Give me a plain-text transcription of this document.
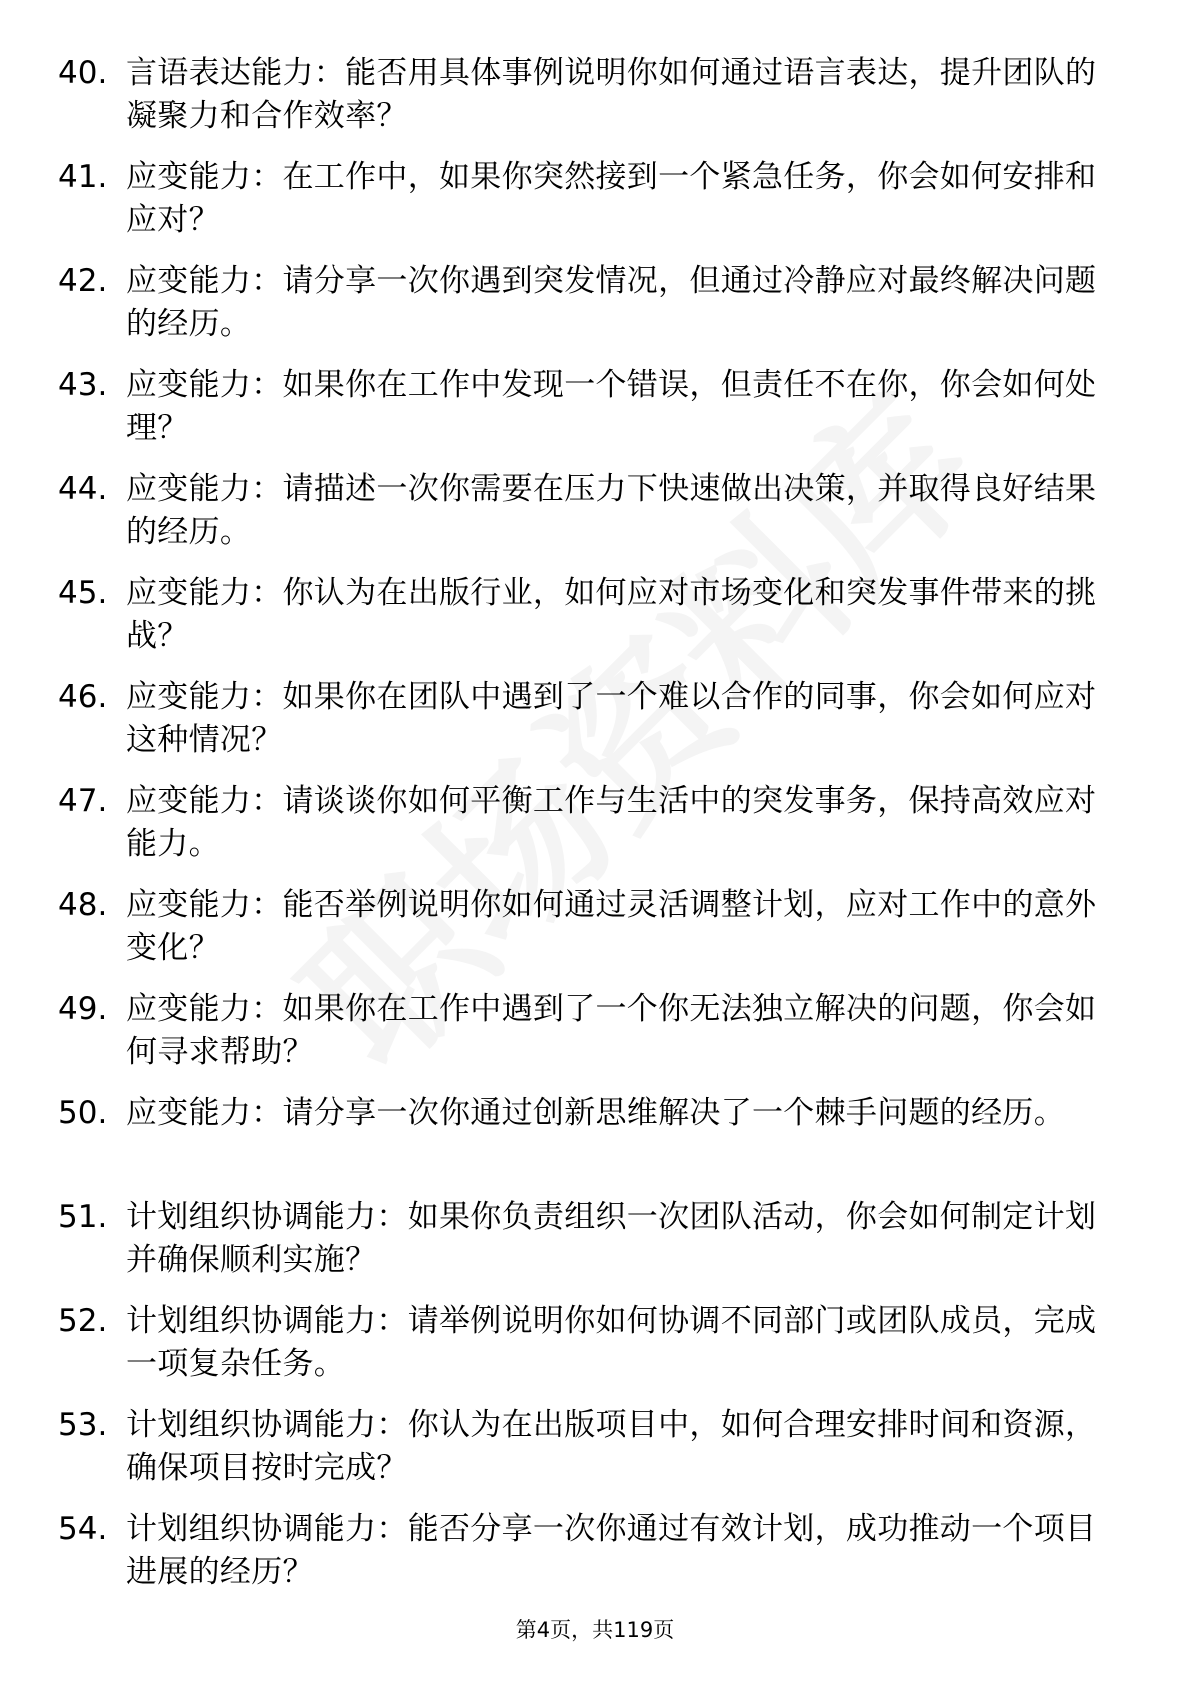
40. 言语表达能力：能否用具体事例说明你如何通过语言表达，提升团队的凝聚力和合作效率？
41. 应变能力：在工作中，如果你突然接到一个紧急任务，你会如何安排和应对？
42. 应变能力：请分享一次你遇到突发情况，但通过冷静应对最终解决问题的经历。
43. 应变能力：如果你在工作中发现一个错误，但责任不在你，你会如何处理？
44. 应变能力：请描述一次你需要在压力下快速做出决策，并取得良好结果的经历。
45. 应变能力：你认为在出版行业，如何应对市场变化和突发事件带来的挑战？
46. 应变能力：如果你在团队中遇到了一个难以合作的同事，你会如何应对这种情况？
47. 应变能力：请谈谈你如何平衡工作与生活中的突发事务，保持高效应对能力。
48. 应变能力：能否举例说明你如何通过灵活调整计划，应对工作中的意外变化？
49. 应变能力：如果你在工作中遇到了一个你无法独立解决的问题，你会如何寻求帮助？
50. 应变能力：请分享一次你通过创新思维解决了一个棘手问题的经历。
51. 计划组织协调能力：如果你负责组织一次团队活动，你会如何制定计划并确保顺利实施？
52. 计划组织协调能力：请举例说明你如何协调不同部门或团队成员，完成一项复杂任务。
53. 计划组织协调能力：你认为在出版项目中，如何合理安排时间和资源，确保项目按时完成？
54. 计划组织协调能力：能否分享一次你通过有效计划，成功推动一个项目进展的经历？
第4页，共119页
